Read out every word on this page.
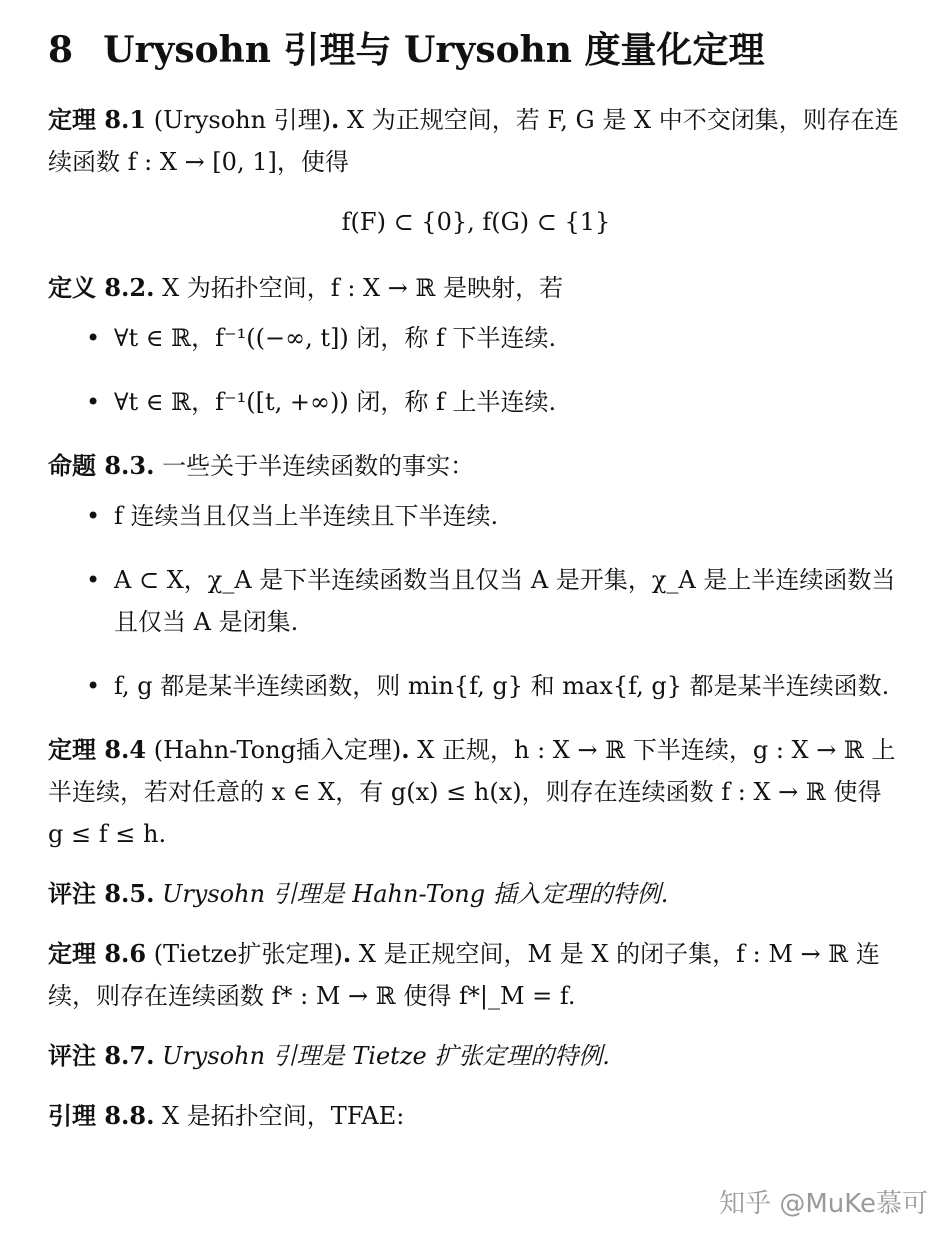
8 Urysohn 引理与 Urysohn 度量化定理

定理 8.1 (Urysohn 引理). X 为正规空间，若 F, G 是 X 中不交闭集，则存在连续函数 f : X → [0, 1]，使得

f(F) ⊂ {0}, f(G) ⊂ {1}

定义 8.2. X 为拓扑空间，f : X → ℝ 是映射，若

• ∀t ∈ ℝ，f⁻¹((−∞, t]) 闭，称 f 下半连续.
• ∀t ∈ ℝ，f⁻¹([t, +∞)) 闭，称 f 上半连续.

命题 8.3. 一些关于半连续函数的事实：

• f 连续当且仅当上半连续且下半连续.
• A ⊂ X，χ_A 是下半连续函数当且仅当 A 是开集，χ_A 是上半连续函数当且仅当 A 是闭集.
• f, g 都是某半连续函数，则 min{f, g} 和 max{f, g} 都是某半连续函数.

定理 8.4 (Hahn-Tong插入定理). X 正规，h : X → ℝ 下半连续，g : X → ℝ 上半连续，若对任意的 x ∈ X，有 g(x) ≤ h(x)，则存在连续函数 f : X → ℝ 使得 g ≤ f ≤ h.

评注 8.5. Urysohn 引理是 Hahn-Tong 插入定理的特例.

定理 8.6 (Tietze扩张定理). X 是正规空间，M 是 X 的闭子集，f : M → ℝ 连续，则存在连续函数 f* : M → ℝ 使得 f*|_M = f.

评注 8.7. Urysohn 引理是 Tietze 扩张定理的特例.

引理 8.8. X 是拓扑空间，TFAE:

知乎 @MuKe慕可
